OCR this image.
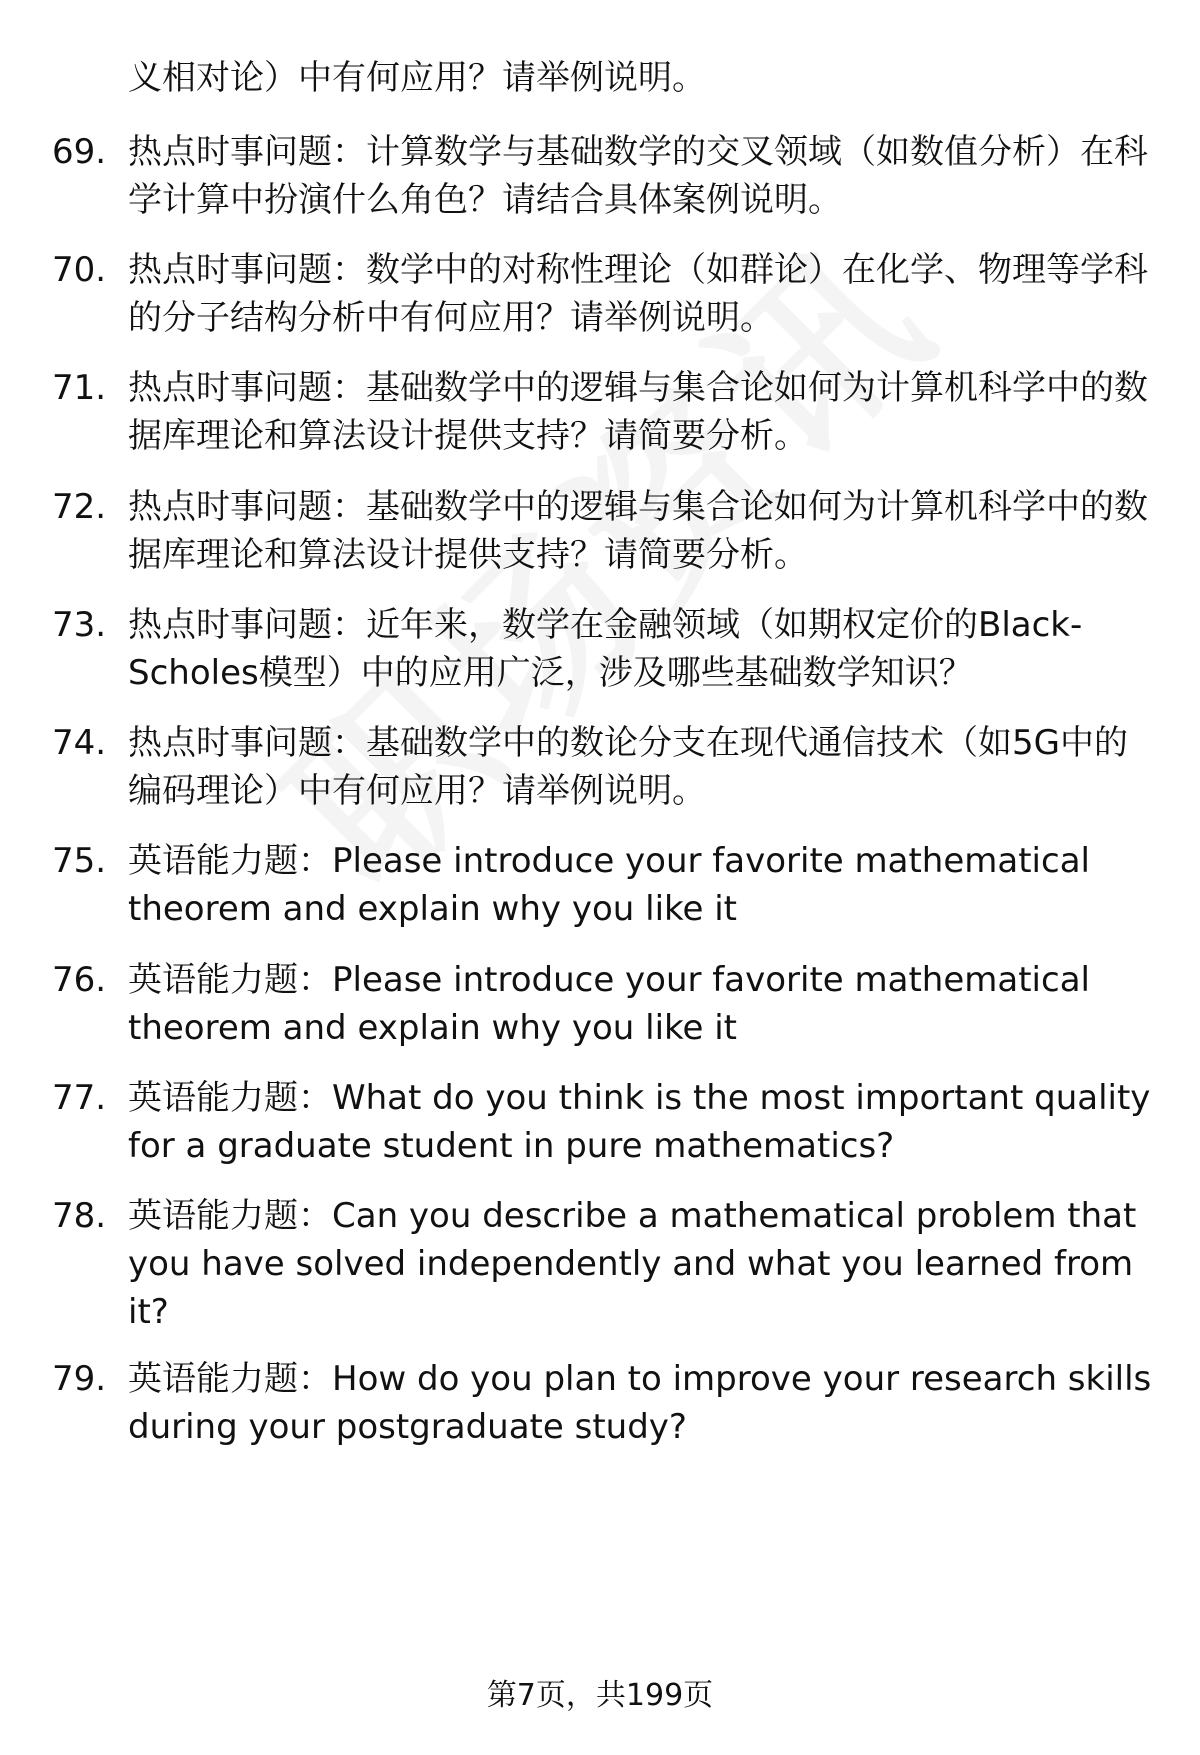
义相对论）中有何应用？请举例说明。
69. 热点时事问题：计算数学与基础数学的交叉领域（如数值分析）在科学计算中扮演什么角色？请结合具体案例说明。
70. 热点时事问题：数学中的对称性理论（如群论）在化学、物理等学科的分子结构分析中有何应用？请举例说明。
71. 热点时事问题：基础数学中的逻辑与集合论如何为计算机科学中的数据库理论和算法设计提供支持？请简要分析。
72. 热点时事问题：基础数学中的逻辑与集合论如何为计算机科学中的数据库理论和算法设计提供支持？请简要分析。
73. 热点时事问题：近年来，数学在金融领域（如期权定价的Black-Scholes模型）中的应用广泛，涉及哪些基础数学知识？
74. 热点时事问题：基础数学中的数论分支在现代通信技术（如5G中的编码理论）中有何应用？请举例说明。
75. 英语能力题：Please introduce your favorite mathematical theorem and explain why you like it
76. 英语能力题：Please introduce your favorite mathematical theorem and explain why you like it
77. 英语能力题：What do you think is the most important quality for a graduate student in pure mathematics?
78. 英语能力题：Can you describe a mathematical problem that you have solved independently and what you learned from it?
79. 英语能力题：How do you plan to improve your research skills during your postgraduate study?
第7页，共199页
